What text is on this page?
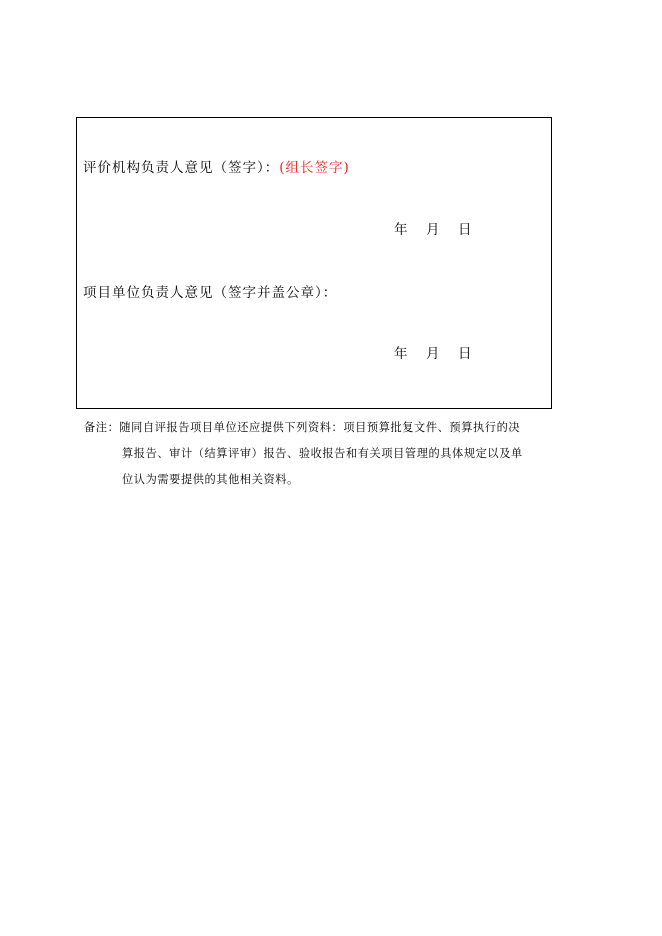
评价机构负责人意见（签字）：(组长签字)
年 月 日
项目单位负责人意见（签字并盖公章）：
年 月 日
备注：随同自评报告项目单位还应提供下列资料：项目预算批复文件、预算执行的决
算报告、审计（结算评审）报告、验收报告和有关项目管理的具体规定以及单
位认为需要提供的其他相关资料。
